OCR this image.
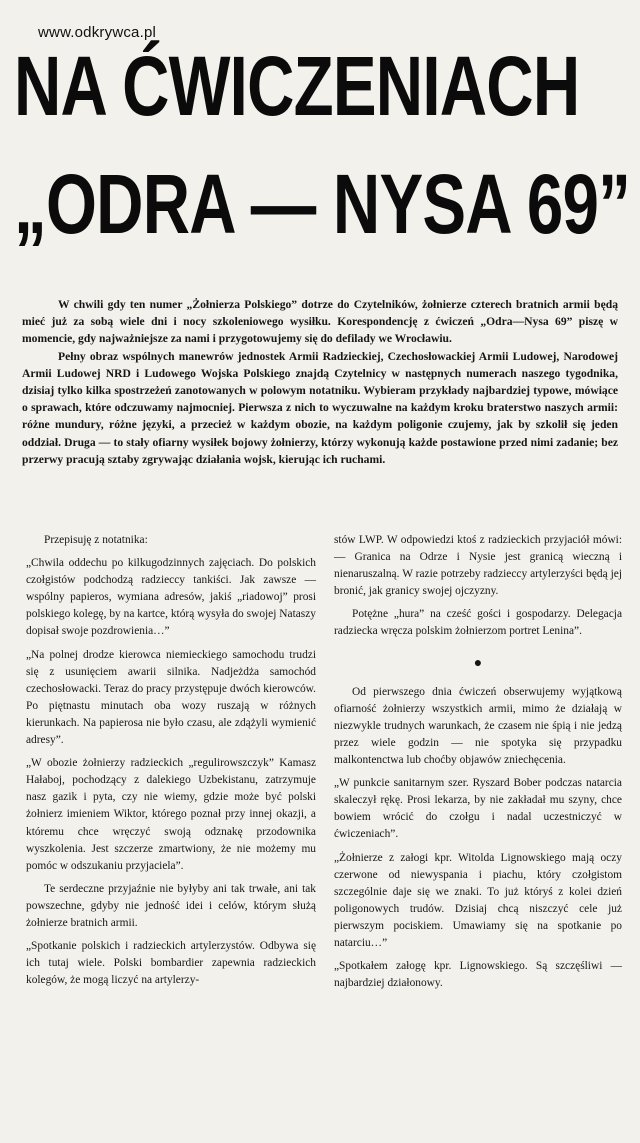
www.odkrywca.pl
NA ĆWICZENIACH
„ODRA — NYSA 69”

W chwili gdy ten numer „Żołnierza Polskiego” dotrze do Czytelników, żołnierze czterech bratnich armii będą mieć już za sobą wiele dni i nocy szkoleniowego wysiłku. Korespondencję z ćwiczeń „Odra—Nysa 69” piszę w momencie, gdy najważniejsze za nami i przygotowujemy się do defilady we Wrocławiu.

Pełny obraz wspólnych manewrów jednostek Armii Radzieckiej, Czechosłowackiej Armii Ludowej, Narodowej Armii Ludowej NRD i Ludowego Wojska Polskiego znajdą Czytelnicy w następnych numerach naszego tygodnika, dzisiaj tylko kilka spostrzeżeń zanotowanych w polowym notatniku. Wybieram przykłady najbardziej typowe, mówiące o sprawach, które odczuwamy najmocniej. Pierwsza z nich to wyczuwalne na każdym kroku braterstwo naszych armii: różne mundury, różne języki, a przecież w każdym obozie, na każdym poligonie czujemy, jak by szkolił się jeden oddział. Druga — to stały ofiarny wysiłek bojowy żołnierzy, którzy wykonują każde postawione przed nimi zadanie; bez przerwy pracują sztaby zgrywając działania wojsk, kierując ich ruchami.

Przepisuję z notatnika:

„Chwila oddechu po kilkugodzinnych zajęciach. Do polskich czołgistów podchodzą radzieccy tankiści. Jak zawsze — wspólny papieros, wymiana adresów, jakiś „riadowoj” prosi polskiego kolegę, by na kartce, którą wysyła do swojej Nataszy dopisał swoje pozdrowienia…”

„Na polnej drodze kierowca niemieckiego samochodu trudzi się z usunięciem awarii silnika. Nadjeżdża samochód czechosłowacki. Teraz do pracy przystępuje dwóch kierowców. Po piętnastu minutach oba wozy ruszają w różnych kierunkach. Na papierosa nie było czasu, ale zdążyli wymienić adresy”.

„W obozie żołnierzy radzieckich „regulirowszczyk” Kamasz Hałaboj, pochodzący z dalekiego Uzbekistanu, zatrzymuje nasz gazik i pyta, czy nie wiemy, gdzie może być polski żołnierz imieniem Wiktor, którego poznał przy innej okazji, a któremu chce wręczyć swoją odznakę przodownika wyszkolenia. Jest szczerze zmartwiony, że nie możemy mu pomóc w odszukaniu przyjaciela”.

Te serdeczne przyjaźnie nie byłyby ani tak trwałe, ani tak powszechne, gdyby nie jedność idei i celów, którym służą żołnierze bratnich armii.

„Spotkanie polskich i radzieckich artylerzystów. Odbywa się ich tutaj wiele. Polski bombardier zapewnia radzieckich kolegów, że mogą liczyć na artylerzy-

stów LWP. W odpowiedzi ktoś z radzieckich przyjaciół mówi: — Granica na Odrze i Nysie jest granicą wieczną i nienaruszalną. W razie potrzeby radzieccy artylerzyści będą jej bronić, jak granicy swojej ojczyzny.

Potężne „hura” na cześć gości i gospodarzy. Delegacja radziecka wręcza polskim żołnierzom portret Lenina”.

●

Od pierwszego dnia ćwiczeń obserwujemy wyjątkową ofiarność żołnierzy wszystkich armii, mimo że działają w niezwykle trudnych warunkach, że czasem nie śpią i nie jedzą przez wiele godzin — nie spotyka się przypadku malkontenctwa lub choćby objawów zniechęcenia.

„W punkcie sanitarnym szer. Ryszard Bober podczas natarcia skaleczył rękę. Prosi lekarza, by nie zakładał mu szyny, chce bowiem wrócić do czołgu i nadal uczestniczyć w ćwiczeniach”.

„Żołnierze z załogi kpr. Witolda Lignowskiego mają oczy czerwone od niewyspania i piachu, który czołgistom szczególnie daje się we znaki. To już któryś z kolei dzień poligonowych trudów. Dzisiaj chcą niszczyć cele już pierwszym pociskiem. Umawiamy się na spotkanie po natarciu…”

„Spotkałem załogę kpr. Lignowskiego. Są szczęśliwi — najbardziej działonowy.
